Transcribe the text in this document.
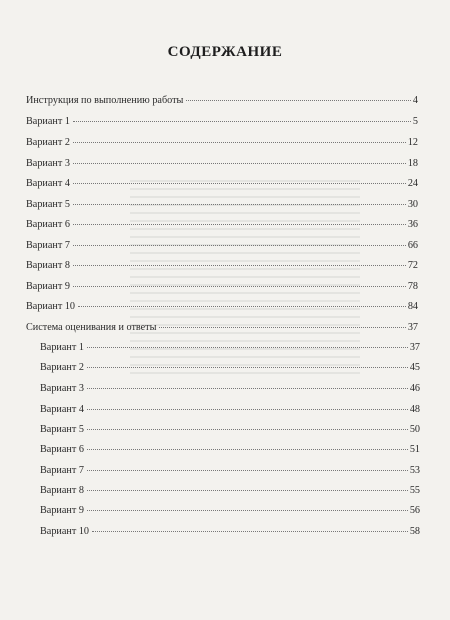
СОДЕРЖАНИЕ
Инструкция по выполнению работы	4
Вариант 1	5
Вариант 2	12
Вариант 3	18
Вариант 4	24
Вариант 5	30
Вариант 6	36
Вариант 7	66
Вариант 8	72
Вариант 9	78
Вариант 10	84
Система оценивания и ответы	37
Вариант 1	37
Вариант 2	45
Вариант 3	46
Вариант 4	48
Вариант 5	50
Вариант 6	51
Вариант 7	53
Вариант 8	55
Вариант 9	56
Вариант 10	58
